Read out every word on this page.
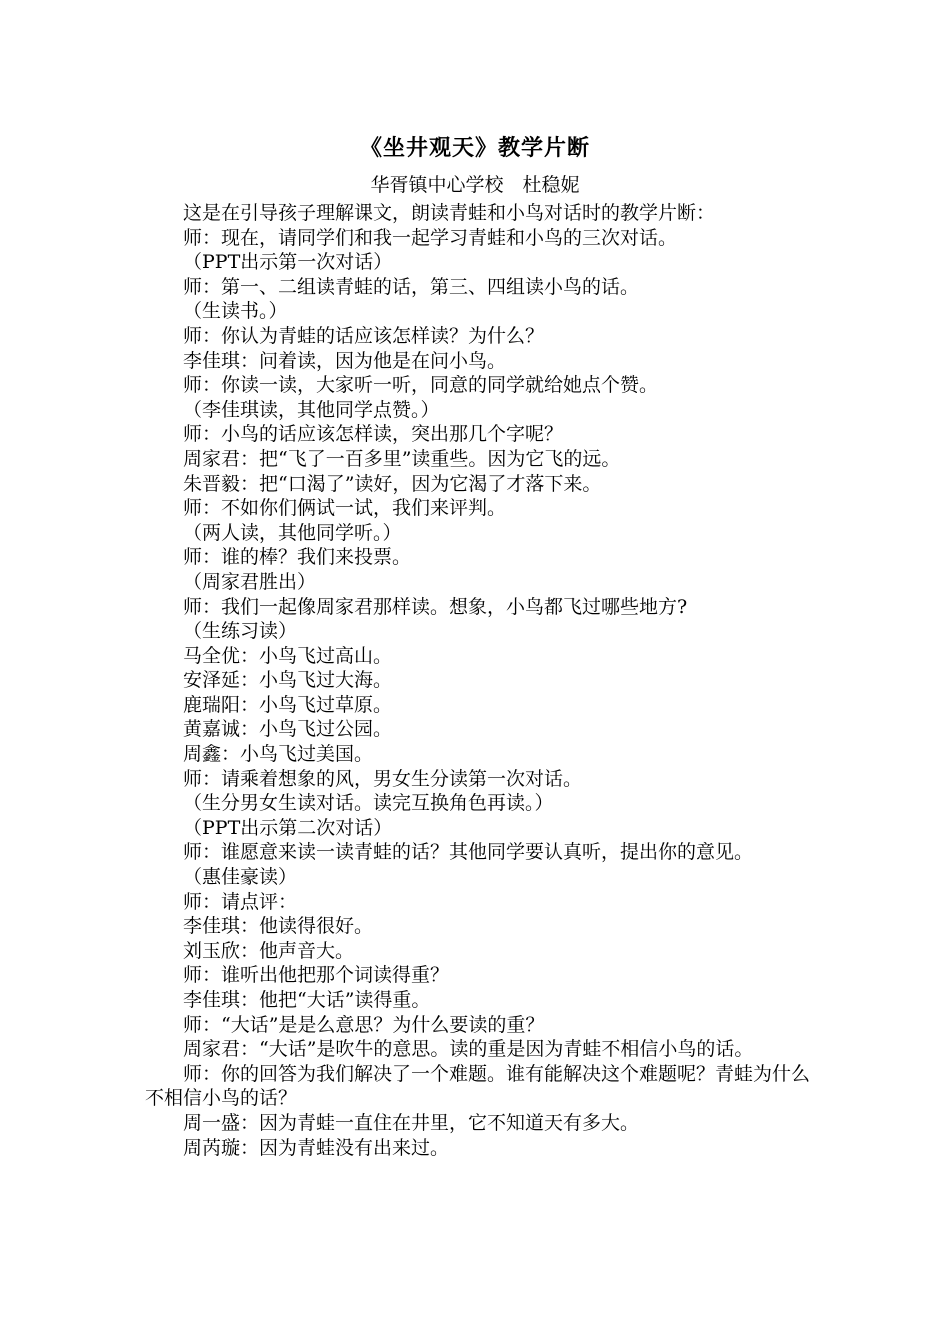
《坐井观天》教学片断
华胥镇中心学校　杜稳妮

这是在引导孩子理解课文，朗读青蛙和小鸟对话时的教学片断：

师：现在，请同学们和我一起学习青蛙和小鸟的三次对话。

（PPT出示第一次对话）

师：第一、二组读青蛙的话，第三、四组读小鸟的话。

（生读书。）

师：你认为青蛙的话应该怎样读？为什么？

李佳琪：问着读，因为他是在问小鸟。

师：你读一读，大家听一听，同意的同学就给她点个赞。

（李佳琪读，其他同学点赞。）

师：小鸟的话应该怎样读，突出那几个字呢？

周家君：把“飞了一百多里”读重些。因为它飞的远。

朱晋毅：把“口渴了”读好，因为它渴了才落下来。

师：不如你们俩试一试，我们来评判。

（两人读，其他同学听。）

师：谁的棒？我们来投票。

（周家君胜出）

师：我们一起像周家君那样读。想象，小鸟都飞过哪些地方?

（生练习读）

马全优：小鸟飞过高山。

安泽延：小鸟飞过大海。

鹿瑞阳：小鸟飞过草原。

黄嘉诚：小鸟飞过公园。

周鑫：小鸟飞过美国。

师：请乘着想象的风，男女生分读第一次对话。

（生分男女生读对话。读完互换角色再读。）

（PPT出示第二次对话）

师：谁愿意来读一读青蛙的话？其他同学要认真听，提出你的意见。

（惠佳豪读）

师：请点评：

李佳琪：他读得很好。

刘玉欣：他声音大。

师：谁听出他把那个词读得重？

李佳琪：他把“大话”读得重。

师：“大话”是是么意思？为什么要读的重？

周家君：“大话”是吹牛的意思。读的重是因为青蛙不相信小鸟的话。

师：你的回答为我们解决了一个难题。谁有能解决这个难题呢？青蛙为什么不相信小鸟的话？

周一盛：因为青蛙一直住在井里，它不知道天有多大。

周芮璇：因为青蛙没有出来过。
